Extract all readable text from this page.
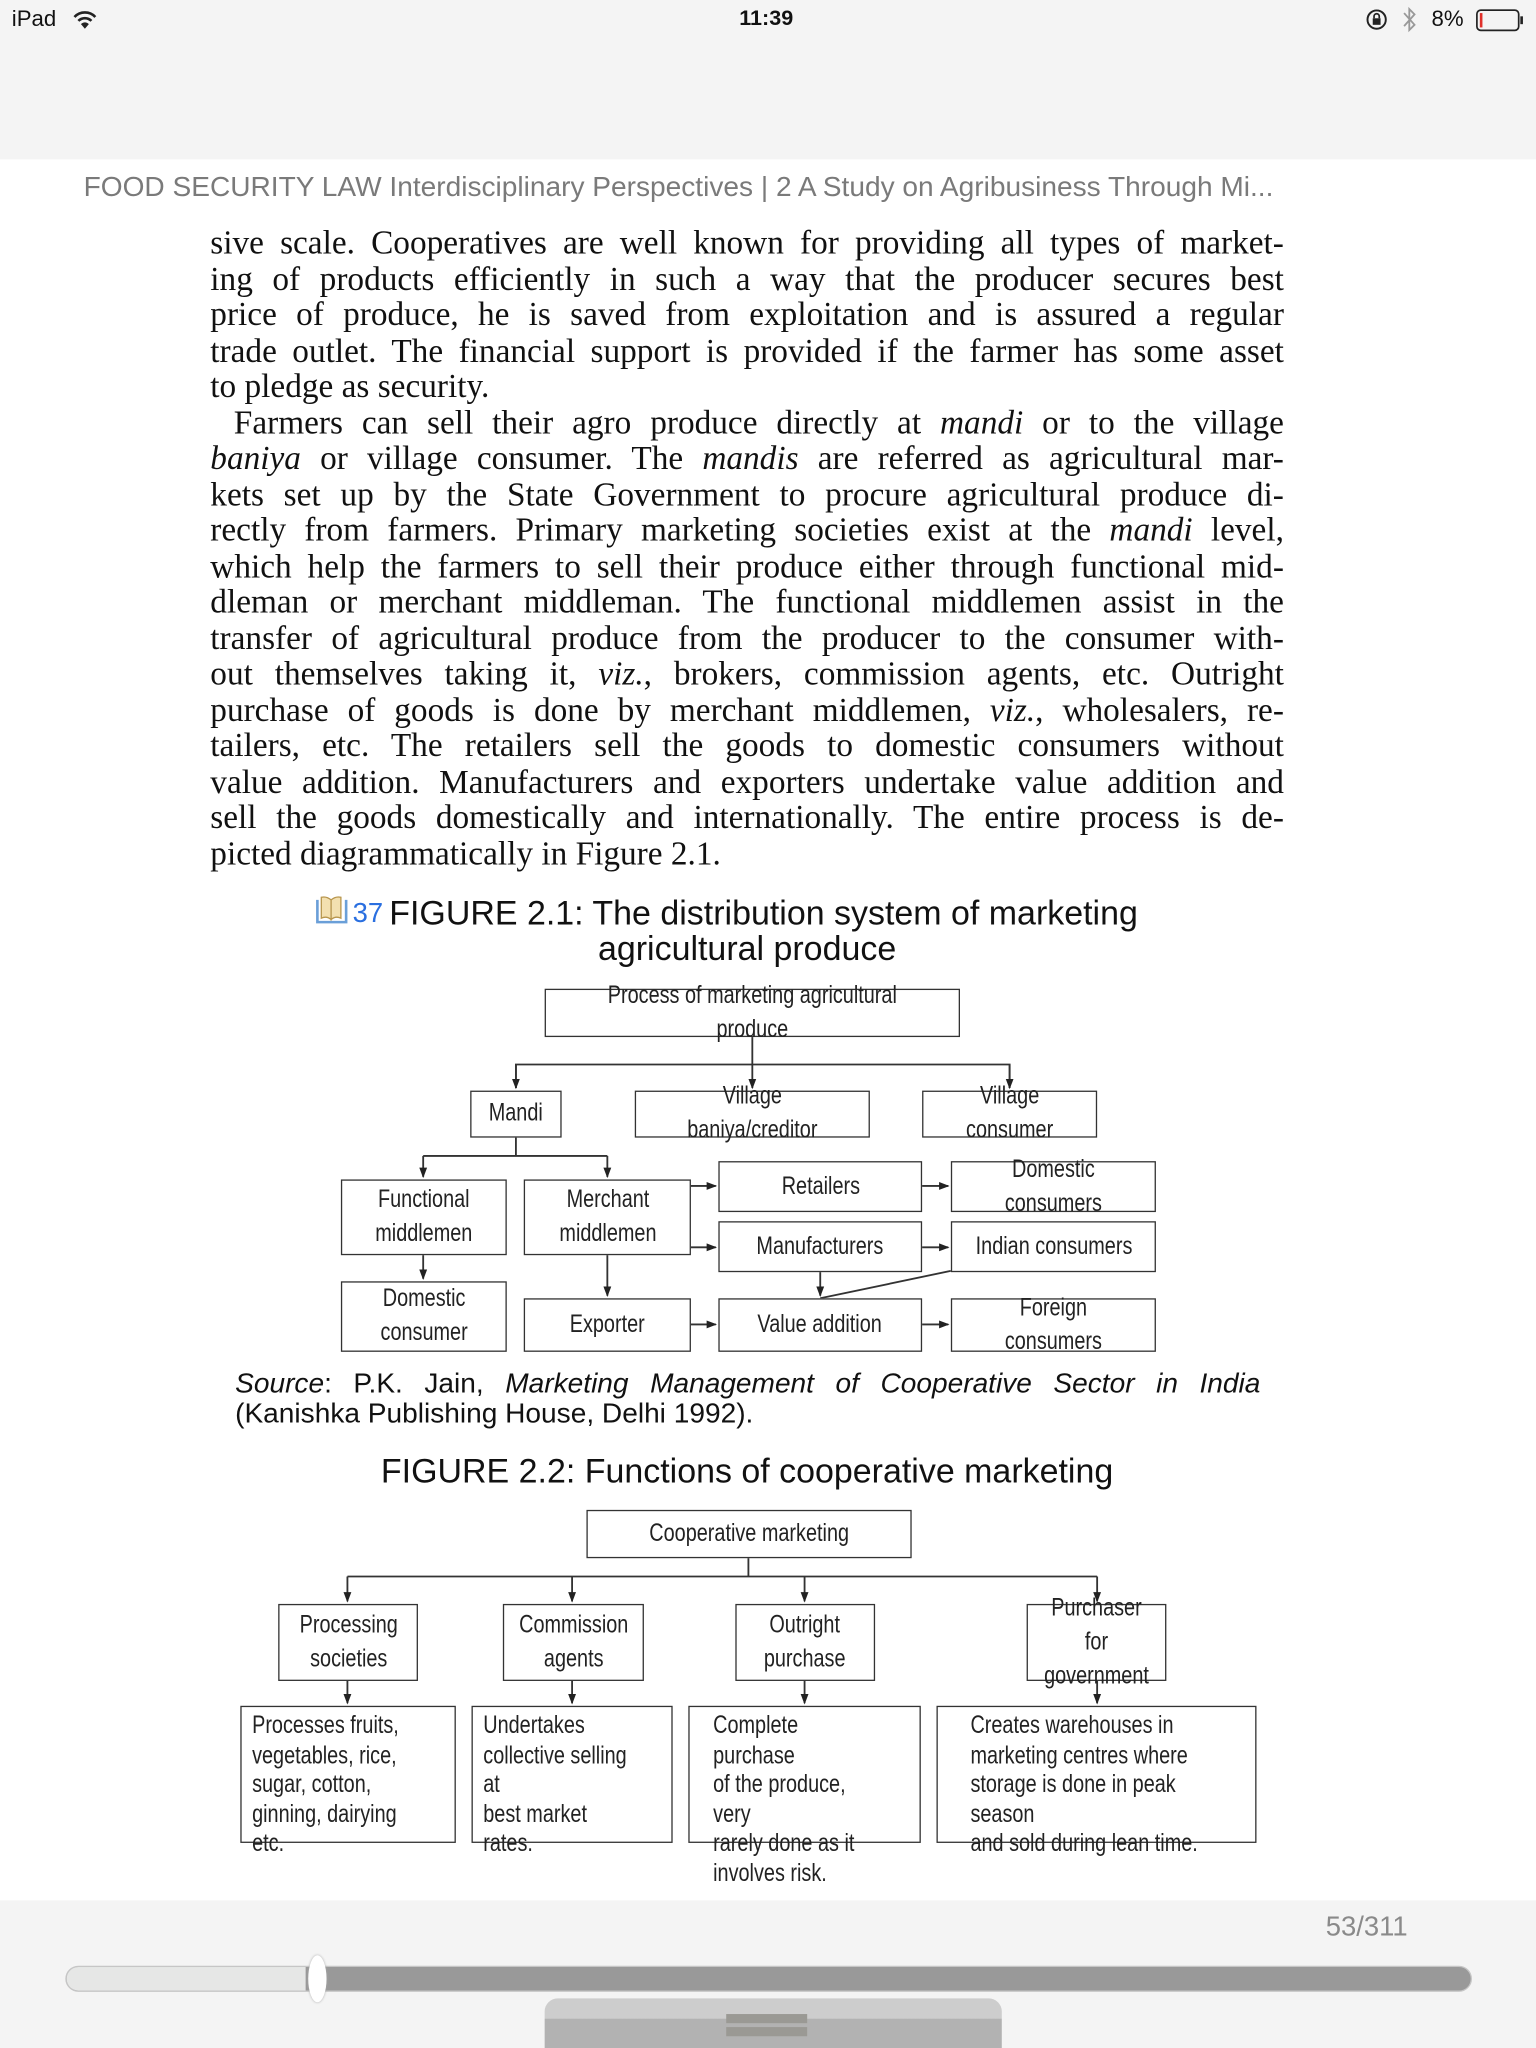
iPad	11:39	8%
FOOD SECURITY LAW Interdisciplinary Perspectives | 2 A Study on Agribusiness Through Mi...
sive scale. Cooperatives are well known for providing all types of market-
ing of products efficiently in such a way that the producer secures best
price of produce, he is saved from exploitation and is assured a regular
trade outlet. The financial support is provided if the farmer has some asset
to pledge as security.
Farmers can sell their agro produce directly at mandi or to the village
baniya or village consumer. The mandis are referred as agricultural mar-
kets set up by the State Government to procure agricultural produce di-
rectly from farmers. Primary marketing societies exist at the mandi level,
which help the farmers to sell their produce either through functional mid-
dleman or merchant middleman. The functional middlemen assist in the
transfer of agricultural produce from the producer to the consumer with-
out themselves taking it, viz., brokers, commission agents, etc. Outright
purchase of goods is done by merchant middlemen, viz., wholesalers, re-
tailers, etc. The retailers sell the goods to domestic consumers without
value addition. Manufacturers and exporters undertake value addition and
sell the goods domestically and internationally. The entire process is de-
picted diagrammatically in Figure 2.1.
37 FIGURE 2.1: The distribution system of marketing
agricultural produce
Process of marketing agricultural produce
Mandi
Village baniya/creditor
Village consumer
Functional
middlemen
Merchant
middlemen
Retailers
Domestic consumers
Manufacturers	Indian consumers
Domestic
consumer	Exporter	Value addition
Foreign consumers
Source: P.K. Jain, Marketing Management of Cooperative Sector in India
(Kanishka Publishing House, Delhi 1992).
FIGURE 2.2: Functions of cooperative marketing
Cooperative marketing
Processing
societies
Commission
agents
Outright
purchase
Purchaser for
government
Processes fruits,
vegetables, rice,
sugar, cotton,
ginning, dairying etc.
Undertakes
collective selling at
best market rates.
Complete purchase
of the produce, very
rarely done as it
involves risk.
Creates warehouses in
marketing centres where
storage is done in peak season
and sold during lean time.
53/311
